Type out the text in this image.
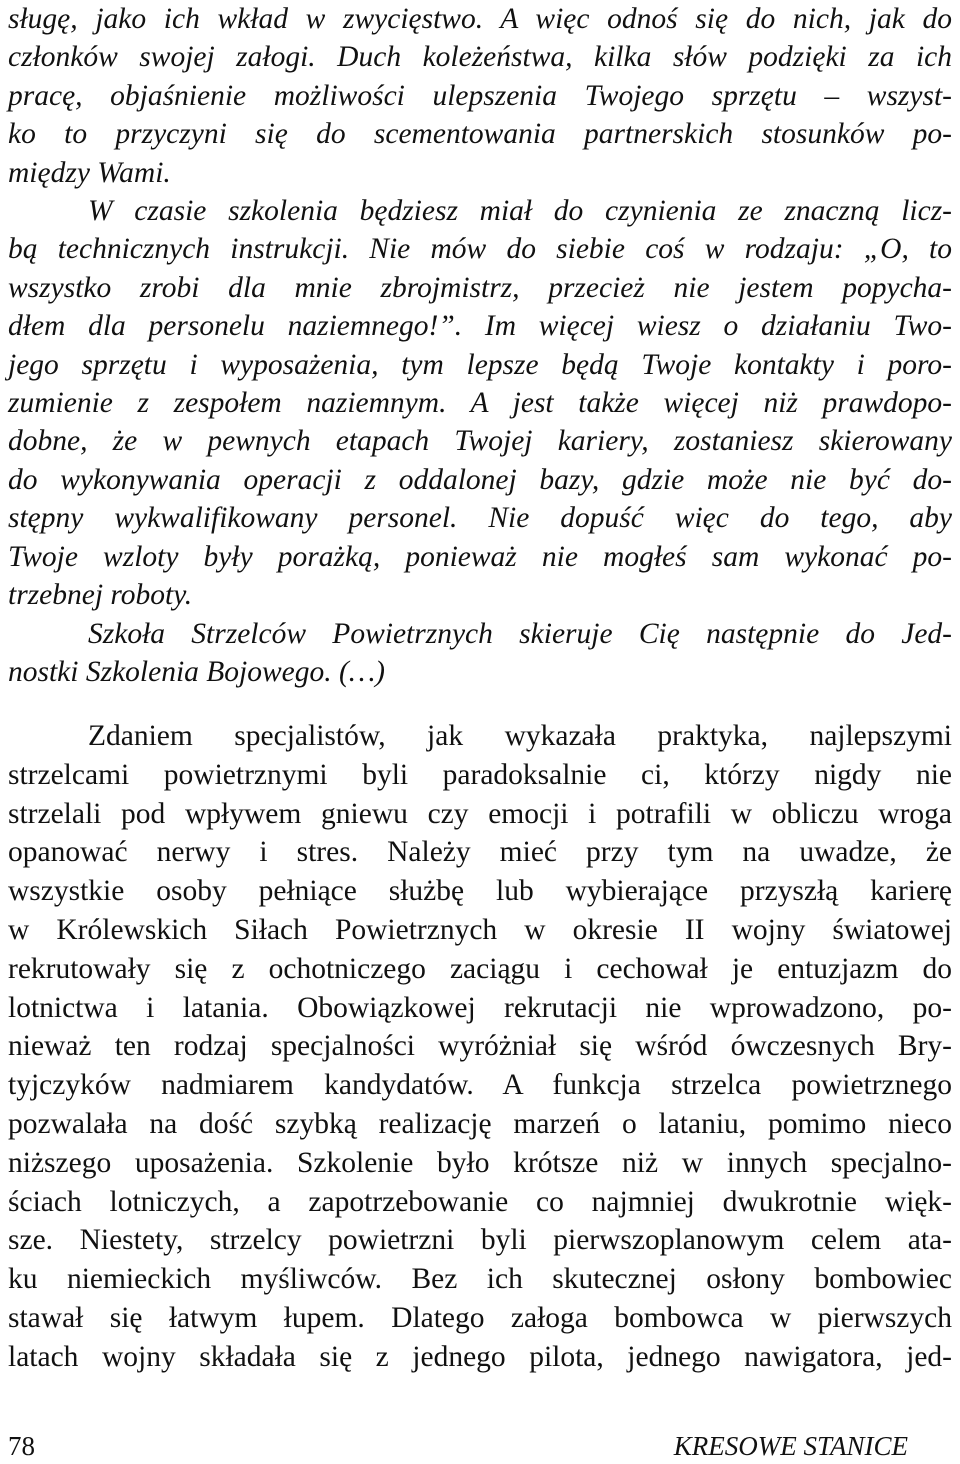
sługę, jako ich wkład w zwycięstwo. A więc odnoś się do nich, jak do
członków swojej załogi. Duch koleżeństwa, kilka słów podzięki za ich
pracę, objaśnienie możliwości ulepszenia Twojego sprzętu – wszyst-
ko to przyczyni się do scementowania partnerskich stosunków po-
między Wami.
W czasie szkolenia będziesz miał do czynienia ze znaczną licz-
bą technicznych instrukcji. Nie mów do siebie coś w rodzaju: „O, to
wszystko zrobi dla mnie zbrojmistrz, przecież nie jestem popycha-
dłem dla personelu naziemnego!”. Im więcej wiesz o działaniu Two-
jego sprzętu i wyposażenia, tym lepsze będą Twoje kontakty i poro-
zumienie z zespołem naziemnym. A jest także więcej niż prawdopo-
dobne, że w pewnych etapach Twojej kariery, zostaniesz skierowany
do wykonywania operacji z oddalonej bazy, gdzie może nie być do-
stępny wykwalifikowany personel. Nie dopuść więc do tego, aby
Twoje wzloty były porażką, ponieważ nie mogłeś sam wykonać po-
trzebnej roboty.
Szkoła Strzelców Powietrznych skieruje Cię następnie do Jed-
nostki Szkolenia Bojowego. (…)
Zdaniem specjalistów, jak wykazała praktyka, najlepszymi
strzelcami powietrznymi byli paradoksalnie ci, którzy nigdy nie
strzelali pod wpływem gniewu czy emocji i potrafili w obliczu wroga
opanować nerwy i stres. Należy mieć przy tym na uwadze, że
wszystkie osoby pełniące służbę lub wybierające przyszłą karierę
w Królewskich Siłach Powietrznych w okresie II wojny światowej
rekrutowały się z ochotniczego zaciągu i cechował je entuzjazm do
lotnictwa i latania. Obowiązkowej rekrutacji nie wprowadzono, po-
nieważ ten rodzaj specjalności wyróżniał się wśród ówczesnych Bry-
tyjczyków nadmiarem kandydatów. A funkcja strzelca powietrznego
pozwalała na dość szybką realizację marzeń o lataniu, pomimo nieco
niższego uposażenia. Szkolenie było krótsze niż w innych specjalno-
ściach lotniczych, a zapotrzebowanie co najmniej dwukrotnie więk-
sze. Niestety, strzelcy powietrzni byli pierwszoplanowym celem ata-
ku niemieckich myśliwców. Bez ich skutecznej osłony bombowiec
stawał się łatwym łupem. Dlatego załoga bombowca w pierwszych
latach wojny składała się z jednego pilota, jednego nawigatora, jed-
78	KRESOWE STANICE
